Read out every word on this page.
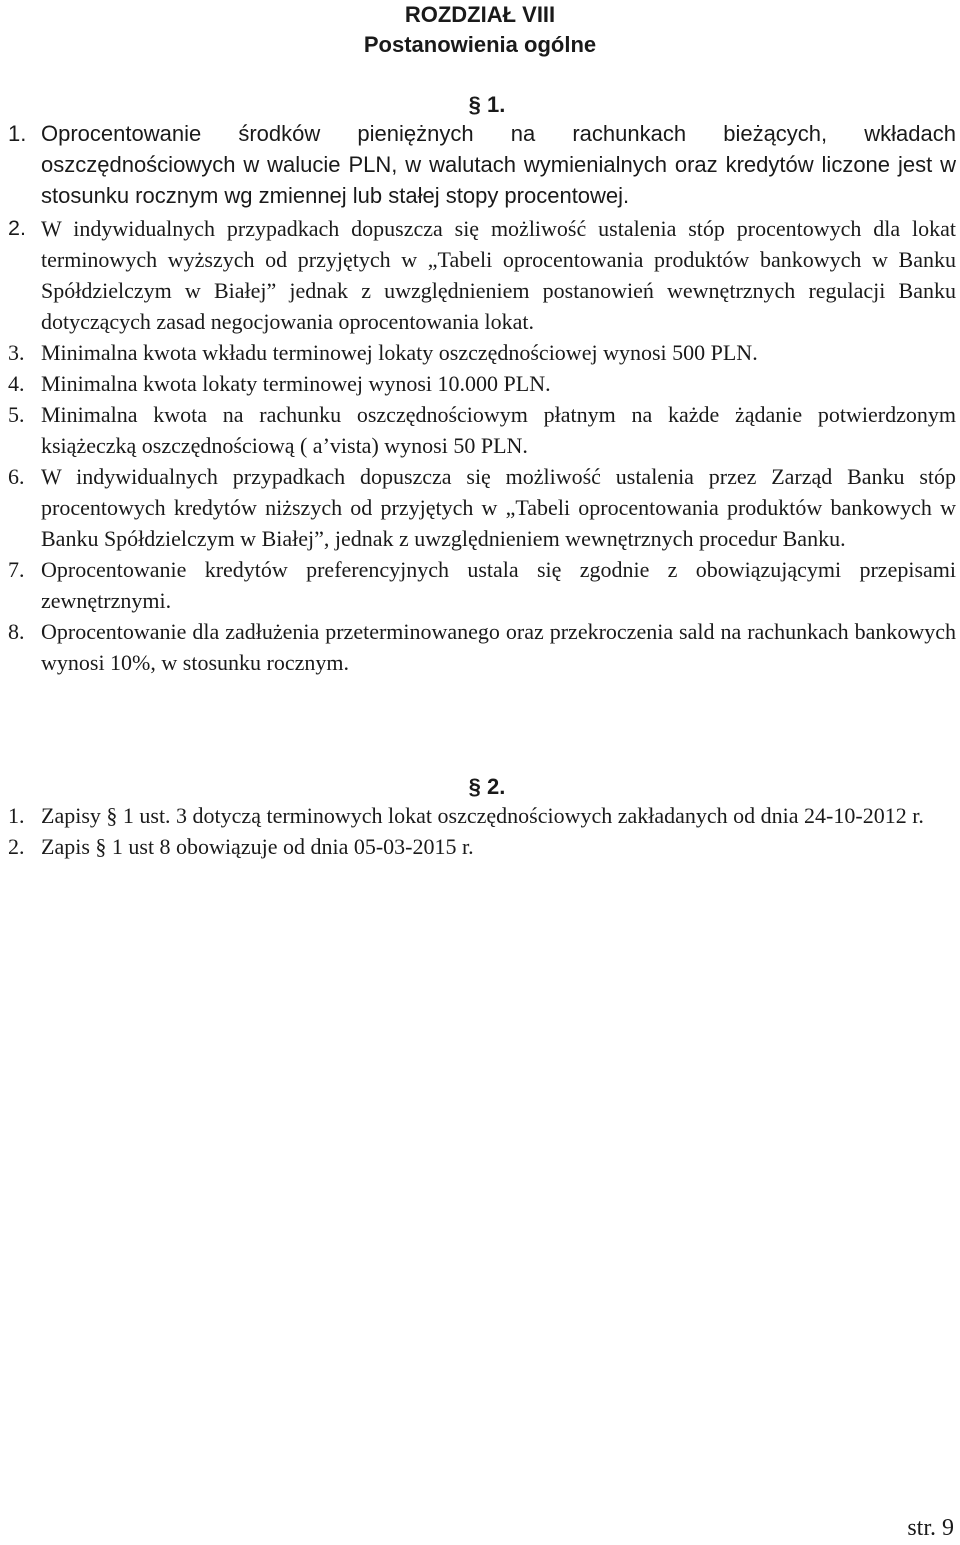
ROZDZIAŁ VIII
Postanowienia ogólne
§ 1.
1. Oprocentowanie środków pieniężnych na rachunkach bieżących, wkładach oszczędnościowych w walucie PLN, w walutach wymienialnych oraz kredytów liczone jest w stosunku rocznym wg zmiennej lub stałej stopy procentowej.
2. W indywidualnych przypadkach dopuszcza się możliwość ustalenia stóp procentowych dla lokat terminowych wyższych od przyjętych w „Tabeli oprocentowania produktów bankowych w Banku Spółdzielczym w Białej” jednak z uwzględnieniem postanowień wewnętrznych regulacji Banku dotyczących zasad negocjowania oprocentowania lokat.
3. Minimalna kwota wkładu terminowej lokaty oszczędnościowej wynosi 500 PLN.
4. Minimalna kwota lokaty terminowej wynosi 10.000 PLN.
5. Minimalna kwota na rachunku oszczędnościowym płatnym na każde żądanie potwierdzonym książeczką oszczędnościową ( a’vista) wynosi 50 PLN.
6. W indywidualnych przypadkach dopuszcza się możliwość ustalenia przez Zarząd Banku stóp procentowych kredytów niższych od przyjętych w „Tabeli oprocentowania produktów bankowych w Banku Spółdzielczym w Białej”, jednak z uwzględnieniem wewnętrznych procedur Banku.
7. Oprocentowanie kredytów preferencyjnych ustala się zgodnie z obowiązującymi przepisami zewnętrznymi.
8. Oprocentowanie dla zadłużenia przeterminowanego oraz przekroczenia sald na rachunkach bankowych wynosi 10%, w stosunku rocznym.
§ 2.
1. Zapisy § 1 ust. 3 dotyczą terminowych lokat oszczędnościowych zakładanych od dnia 24-10-2012 r.
2. Zapis § 1 ust 8 obowiązuje od dnia 05-03-2015 r.
str. 9
